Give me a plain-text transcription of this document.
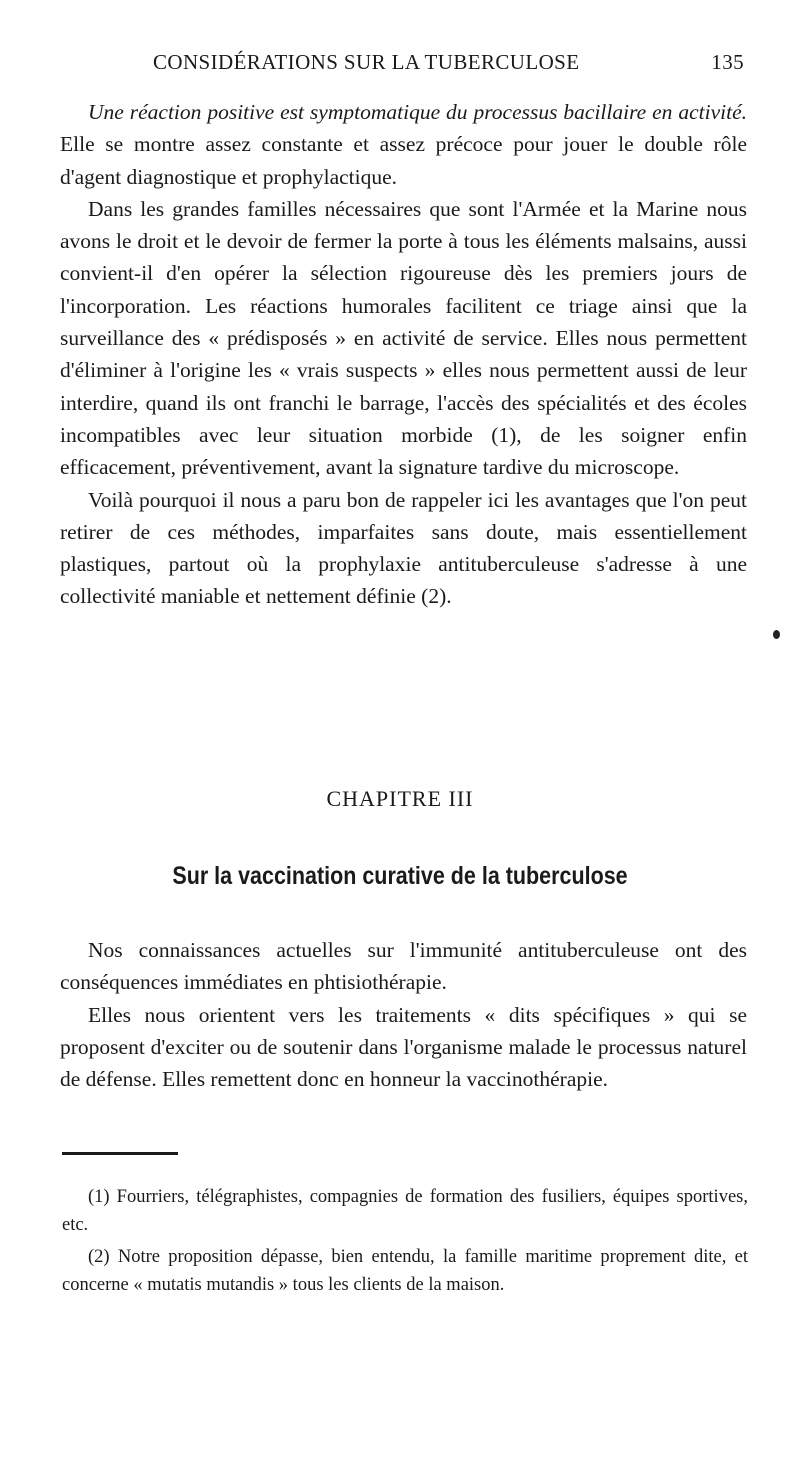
CONSIDÉRATIONS SUR LA TUBERCULOSE	135

Une réaction positive est symptomatique du processus bacillaire en activité. Elle se montre assez constante et assez précoce pour jouer le double rôle d'agent diagnostique et prophylactique.

Dans les grandes familles nécessaires que sont l'Armée et la Marine nous avons le droit et le devoir de fermer la porte à tous les éléments malsains, aussi convient-il d'en opérer la sélection rigoureuse dès les premiers jours de l'incorporation. Les réactions humorales facilitent ce triage ainsi que la surveillance des « prédisposés » en activité de service. Elles nous permettent d'éliminer à l'origine les « vrais suspects » elles nous permettent aussi de leur interdire, quand ils ont franchi le barrage, l'accès des spécialités et des écoles incompatibles avec leur situation morbide (1), de les soigner enfin efficacement, préventivement, avant la signature tardive du microscope.

Voilà pourquoi il nous a paru bon de rappeler ici les avantages que l'on peut retirer de ces méthodes, imparfaites sans doute, mais essentiellement plastiques, partout où la prophylaxie antituberculeuse s'adresse à une collectivité maniable et nettement définie (2).

CHAPITRE III
Sur la vaccination curative de la tuberculose

Nos connaissances actuelles sur l'immunité antituberculeuse ont des conséquences immédiates en phtisiothérapie.

Elles nous orientent vers les traitements « dits spécifiques » qui se proposent d'exciter ou de soutenir dans l'organisme malade le processus naturel de défense. Elles remettent donc en honneur la vaccinothérapie.

(1) Fourriers, télégraphistes, compagnies de formation des fusiliers, équipes sportives, etc.

(2) Notre proposition dépasse, bien entendu, la famille maritime proprement dite, et concerne « mutatis mutandis » tous les clients de la maison.
